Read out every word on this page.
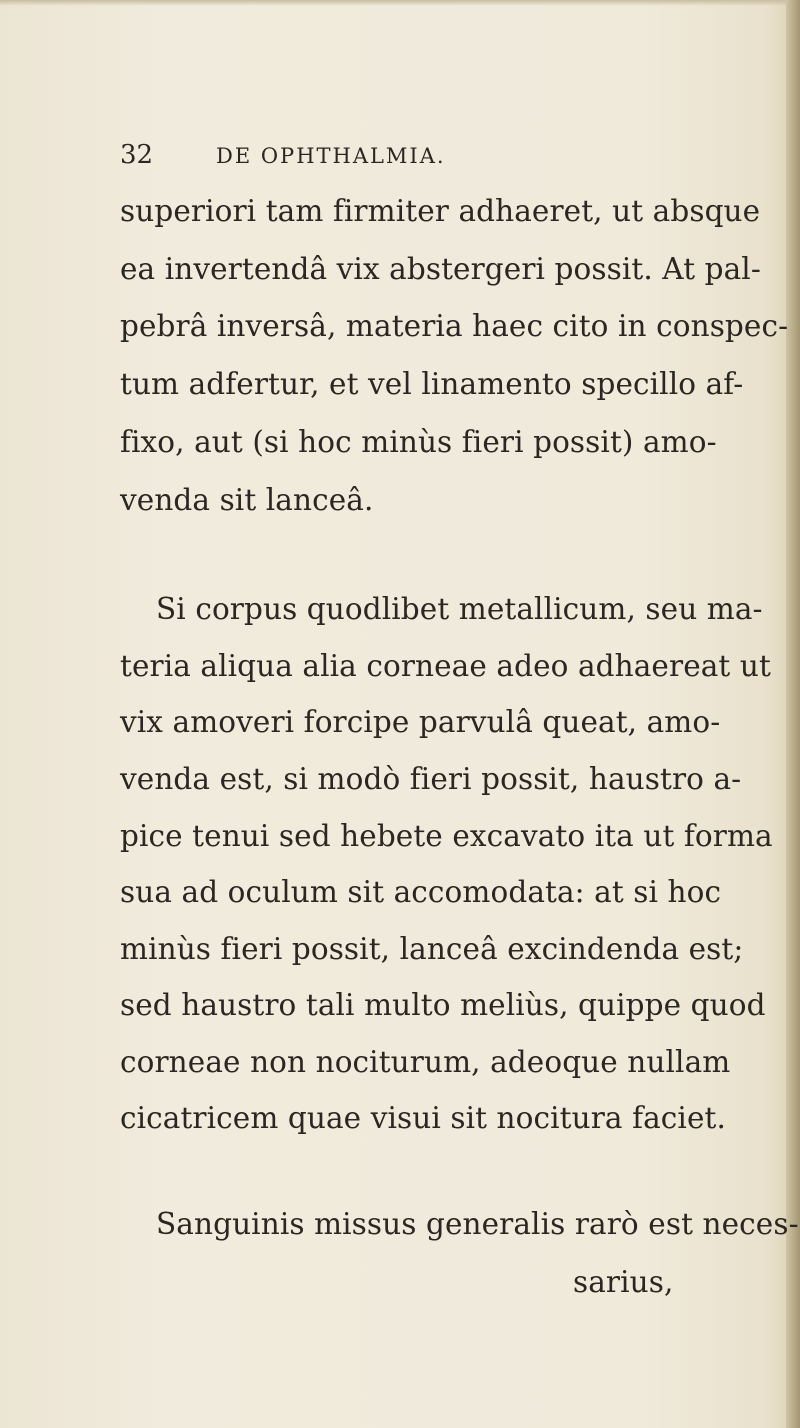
32	DE OPHTHALMIA.
superiori tam firmiter adhaeret, ut absque
ea invertendâ vix abstergeri possit. At pal-
pebrâ inversâ, materia haec cito in conspec-
tum adfertur, et vel linamento specillo af-
fixo, aut (si hoc minùs fieri possit) amo-
venda sit lanceâ.
Si corpus quodlibet metallicum, seu ma-
teria aliqua alia corneae adeo adhaereat ut
vix amoveri forcipe parvulâ queat, amo-
venda est, si modò fieri possit, haustro a-
pice tenui sed hebete excavato ita ut forma
sua ad oculum sit accomodata: at si hoc
minùs fieri possit, lanceâ excindenda est;
sed haustro tali multo meliùs, quippe quod
corneae non nociturum, adeoque nullam
cicatricem quae visui sit nocitura faciet.
Sanguinis missus generalis rarò est neces-
sarius,
